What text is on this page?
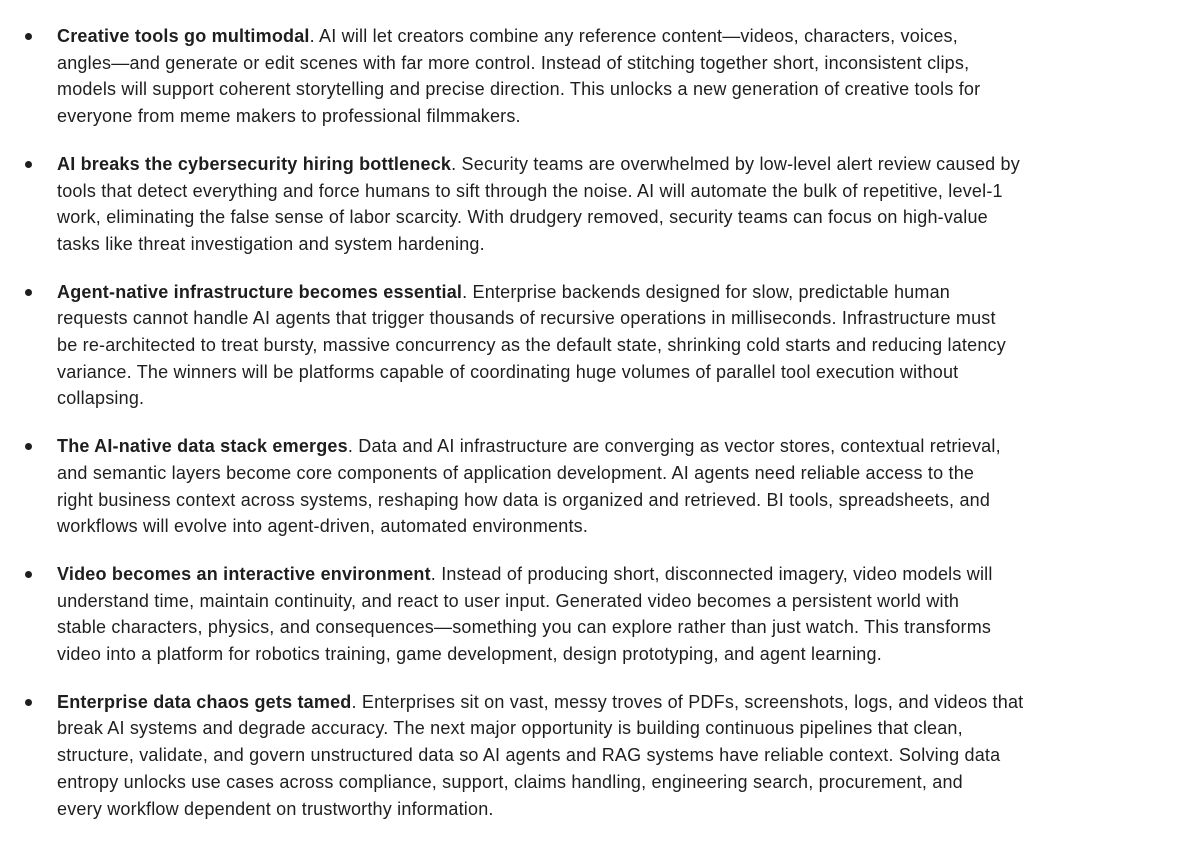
Creative tools go multimodal. AI will let creators combine any reference content—videos, characters, voices,
angles—and generate or edit scenes with far more control. Instead of stitching together short, inconsistent clips,
models will support coherent storytelling and precise direction. This unlocks a new generation of creative tools for
everyone from meme makers to professional filmmakers.
AI breaks the cybersecurity hiring bottleneck. Security teams are overwhelmed by low-level alert review caused by
tools that detect everything and force humans to sift through the noise. AI will automate the bulk of repetitive, level-1
work, eliminating the false sense of labor scarcity. With drudgery removed, security teams can focus on high-value
tasks like threat investigation and system hardening.
Agent-native infrastructure becomes essential. Enterprise backends designed for slow, predictable human
requests cannot handle AI agents that trigger thousands of recursive operations in milliseconds. Infrastructure must
be re-architected to treat bursty, massive concurrency as the default state, shrinking cold starts and reducing latency
variance. The winners will be platforms capable of coordinating huge volumes of parallel tool execution without
collapsing.
The AI-native data stack emerges. Data and AI infrastructure are converging as vector stores, contextual retrieval,
and semantic layers become core components of application development. AI agents need reliable access to the
right business context across systems, reshaping how data is organized and retrieved. BI tools, spreadsheets, and
workflows will evolve into agent-driven, automated environments.
Video becomes an interactive environment. Instead of producing short, disconnected imagery, video models will
understand time, maintain continuity, and react to user input. Generated video becomes a persistent world with
stable characters, physics, and consequences—something you can explore rather than just watch. This transforms
video into a platform for robotics training, game development, design prototyping, and agent learning.
Enterprise data chaos gets tamed. Enterprises sit on vast, messy troves of PDFs, screenshots, logs, and videos that
break AI systems and degrade accuracy. The next major opportunity is building continuous pipelines that clean,
structure, validate, and govern unstructured data so AI agents and RAG systems have reliable context. Solving data
entropy unlocks use cases across compliance, support, claims handling, engineering search, procurement, and
every workflow dependent on trustworthy information.
